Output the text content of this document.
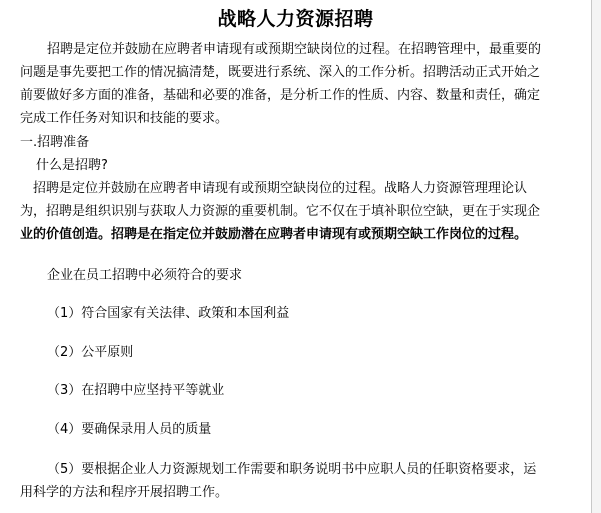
战略人力资源招聘
招聘是定位并鼓励在应聘者申请现有或预期空缺岗位的过程。在招聘管理中，最重要的
问题是事先要把工作的情况搞清楚，既要进行系统、深入的工作分析。招聘活动正式开始之
前要做好多方面的准备，基础和必要的准备，是分析工作的性质、内容、数量和责任，确定
完成工作任务对知识和技能的要求。
一.招聘准备
什么是招聘?
招聘是定位并鼓励在应聘者申请现有或预期空缺岗位的过程。战略人力资源管理理论认
为，招聘是组织识别与获取人力资源的重要机制。它不仅在于填补职位空缺，更在于实现企
业的价值创造。招聘是在指定位并鼓励潜在应聘者申请现有或预期空缺工作岗位的过程。
企业在员工招聘中必须符合的要求
（1）符合国家有关法律、政策和本国利益
（2）公平原则
（3）在招聘中应坚持平等就业
（4）要确保录用人员的质量
（5）要根据企业人力资源规划工作需要和职务说明书中应职人员的任职资格要求，运
用科学的方法和程序开展招聘工作。
